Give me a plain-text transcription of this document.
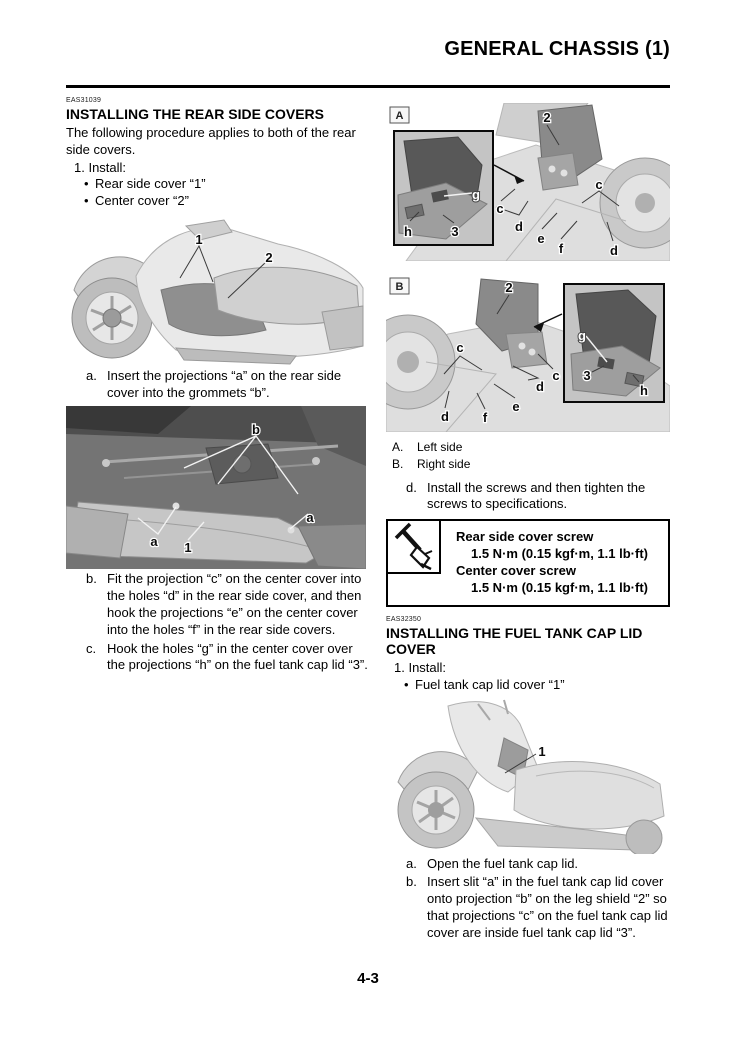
GENERAL CHASSIS (1)
EAS31039
INSTALLING THE REAR SIDE COVERS

The following procedure applies to both of the rear side covers.

1. Install:
• Rear side cover “1”
• Center cover “2”
1
2
a. Insert the projections “a” on the rear side cover into the grommets “b”.
b
a 1
a
b. Fit the projection “c” on the center cover into the holes “d” in the rear side cover, and then hook the projections “e” on the center cover into the holes “f” in the rear side covers.
c. Hook the holes “g” in the center cover over the projections “h” on the fuel tank cap lid “3”.
A	2
g
h	3
c
d
e
f	d
c
B	2
c
d	f
e
d
c
g
3
h
A.	Left side
B.	Right side
d. Install the screws and then tighten the screws to specifications.
Rear side cover screw
1.5 N·m (0.15 kgf·m, 1.1 lb·ft)
Center cover screw
1.5 N·m (0.15 kgf·m, 1.1 lb·ft)
EAS32350
INSTALLING THE FUEL TANK CAP LID COVER
1. Install:
• Fuel tank cap lid cover “1”
1
a. Open the fuel tank cap lid.
b. Insert slit “a” in the fuel tank cap lid cover onto projection “b” on the leg shield “2” so that projections “c” on the fuel tank cap lid cover are inside fuel tank cap lid “3”.
4-3
